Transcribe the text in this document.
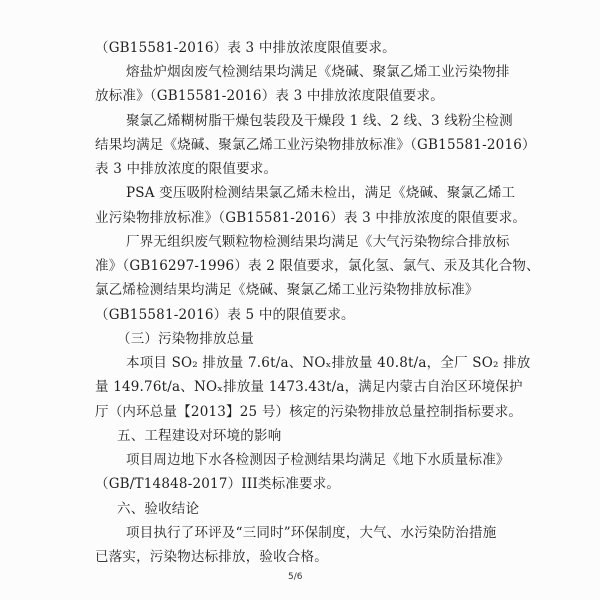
（GB15581-2016）表 3 中排放浓度限值要求。
熔盐炉烟囱废气检测结果均满足《烧碱、聚氯乙烯工业污染物排
放标准》（GB15581-2016）表 3 中排放浓度限值要求。
聚氯乙烯糊树脂干燥包装段及干燥段 1 线、2 线、3 线粉尘检测
结果均满足《烧碱、聚氯乙烯工业污染物排放标准》（GB15581-2016）
表 3 中排放浓度的限值要求。
PSA 变压吸附检测结果氯乙烯未检出，满足《烧碱、聚氯乙烯工
业污染物排放标准》（GB15581-2016）表 3 中排放浓度的限值要求。
厂界无组织废气颗粒物检测结果均满足《大气污染物综合排放标
准》（GB16297-1996）表 2 限值要求，氯化氢、氯气、汞及其化合物、
氯乙烯检测结果均满足《烧碱、聚氯乙烯工业污染物排放标准》
（GB15581-2016）表 5 中的限值要求。
（三）污染物排放总量
本项目 SO₂ 排放量 7.6t/a、NOₓ排放量 40.8t/a，全厂 SO₂ 排放
量 149.76t/a、NOₓ排放量 1473.43t/a，满足内蒙古自治区环境保护
厅（内环总量【2013】25 号）核定的污染物排放总量控制指标要求。
五、工程建设对环境的影响
项目周边地下水各检测因子检测结果均满足《地下水质量标准》
（GB/T14848-2017）III类标准要求。
六、验收结论
项目执行了环评及“三同时”环保制度，大气、水污染防治措施
已落实，污染物达标排放，验收合格。
5/6
